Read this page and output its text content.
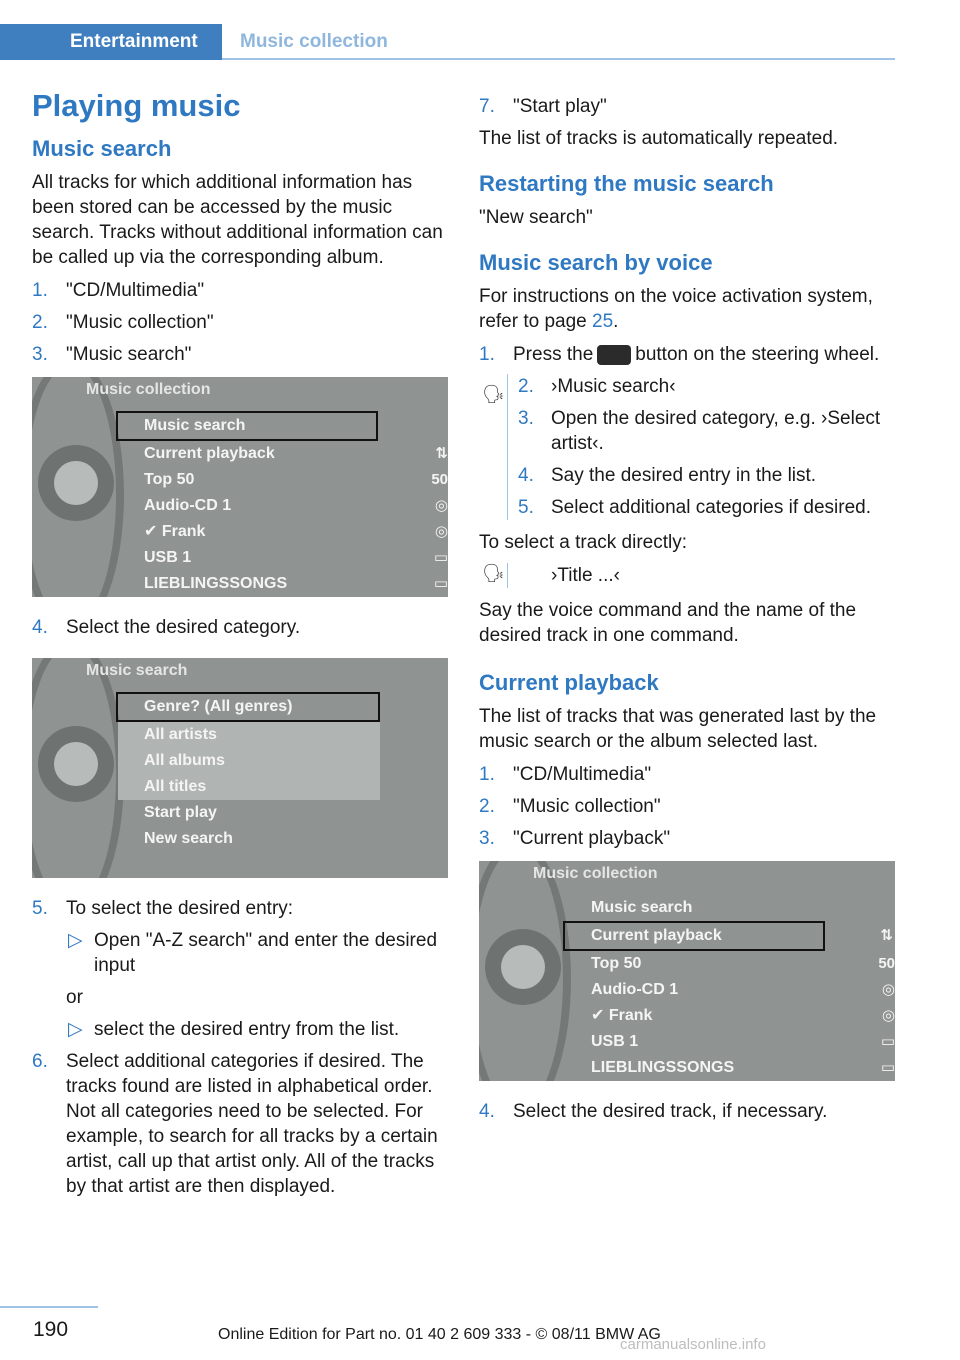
Entertainment Music collection
Playing music
Music search

All tracks for which additional information has been stored can be accessed by the music search. Tracks without additional information can be called up via the corresponding album.

1. "CD/Multimedia"
2. "Music collection"
3. "Music search"
Music collection
Music search
Current playback	⇅
Top 50	50
Audio-CD 1	◎
✔ Frank	◎
USB 1	▭
LIEBLINGSSONGS	▭
4. Select the desired category.
Music search
Genre? (All genres)
All artists
All albums
All titles
Start play
New search
5. To select the desired entry:
▷ Open "A-Z search" and enter the desired input
or
▷ select the desired entry from the list.
6. Select additional categories if desired. The tracks found are listed in alphabetical order.
Not all categories need to be selected. For example, to search for all tracks by a certain artist, call up that artist only. All of the tracks by that artist are then displayed.
7. "Start play"

The list of tracks is automatically repeated.

Restarting the music search

"New search"

Music search by voice

For instructions on the voice activation system, refer to page 25.

1. Press the button on the steering wheel.
🗣 2. ›Music search‹
3. Open the desired category, e.g. ›Select artist‹.
4. Say the desired entry in the list.
5. Select additional categories if desired.

To select a track directly:

🗣	›Title ...‹

Say the voice command and the name of the desired track in one command.

Current playback

The list of tracks that was generated last by the music search or the album selected last.

1. "CD/Multimedia"
2. "Music collection"
3. "Current playback"
Music collection
Music search
Current playback	⇅
Top 50	50
Audio-CD 1	◎
✔ Frank	◎
USB 1	▭
LIEBLINGSSONGS	▭
4. Select the desired track, if necessary.
190	Online Edition for Part no. 01 40 2 609 333 - © 08/11 BMW AG
carmanualsonline.info
